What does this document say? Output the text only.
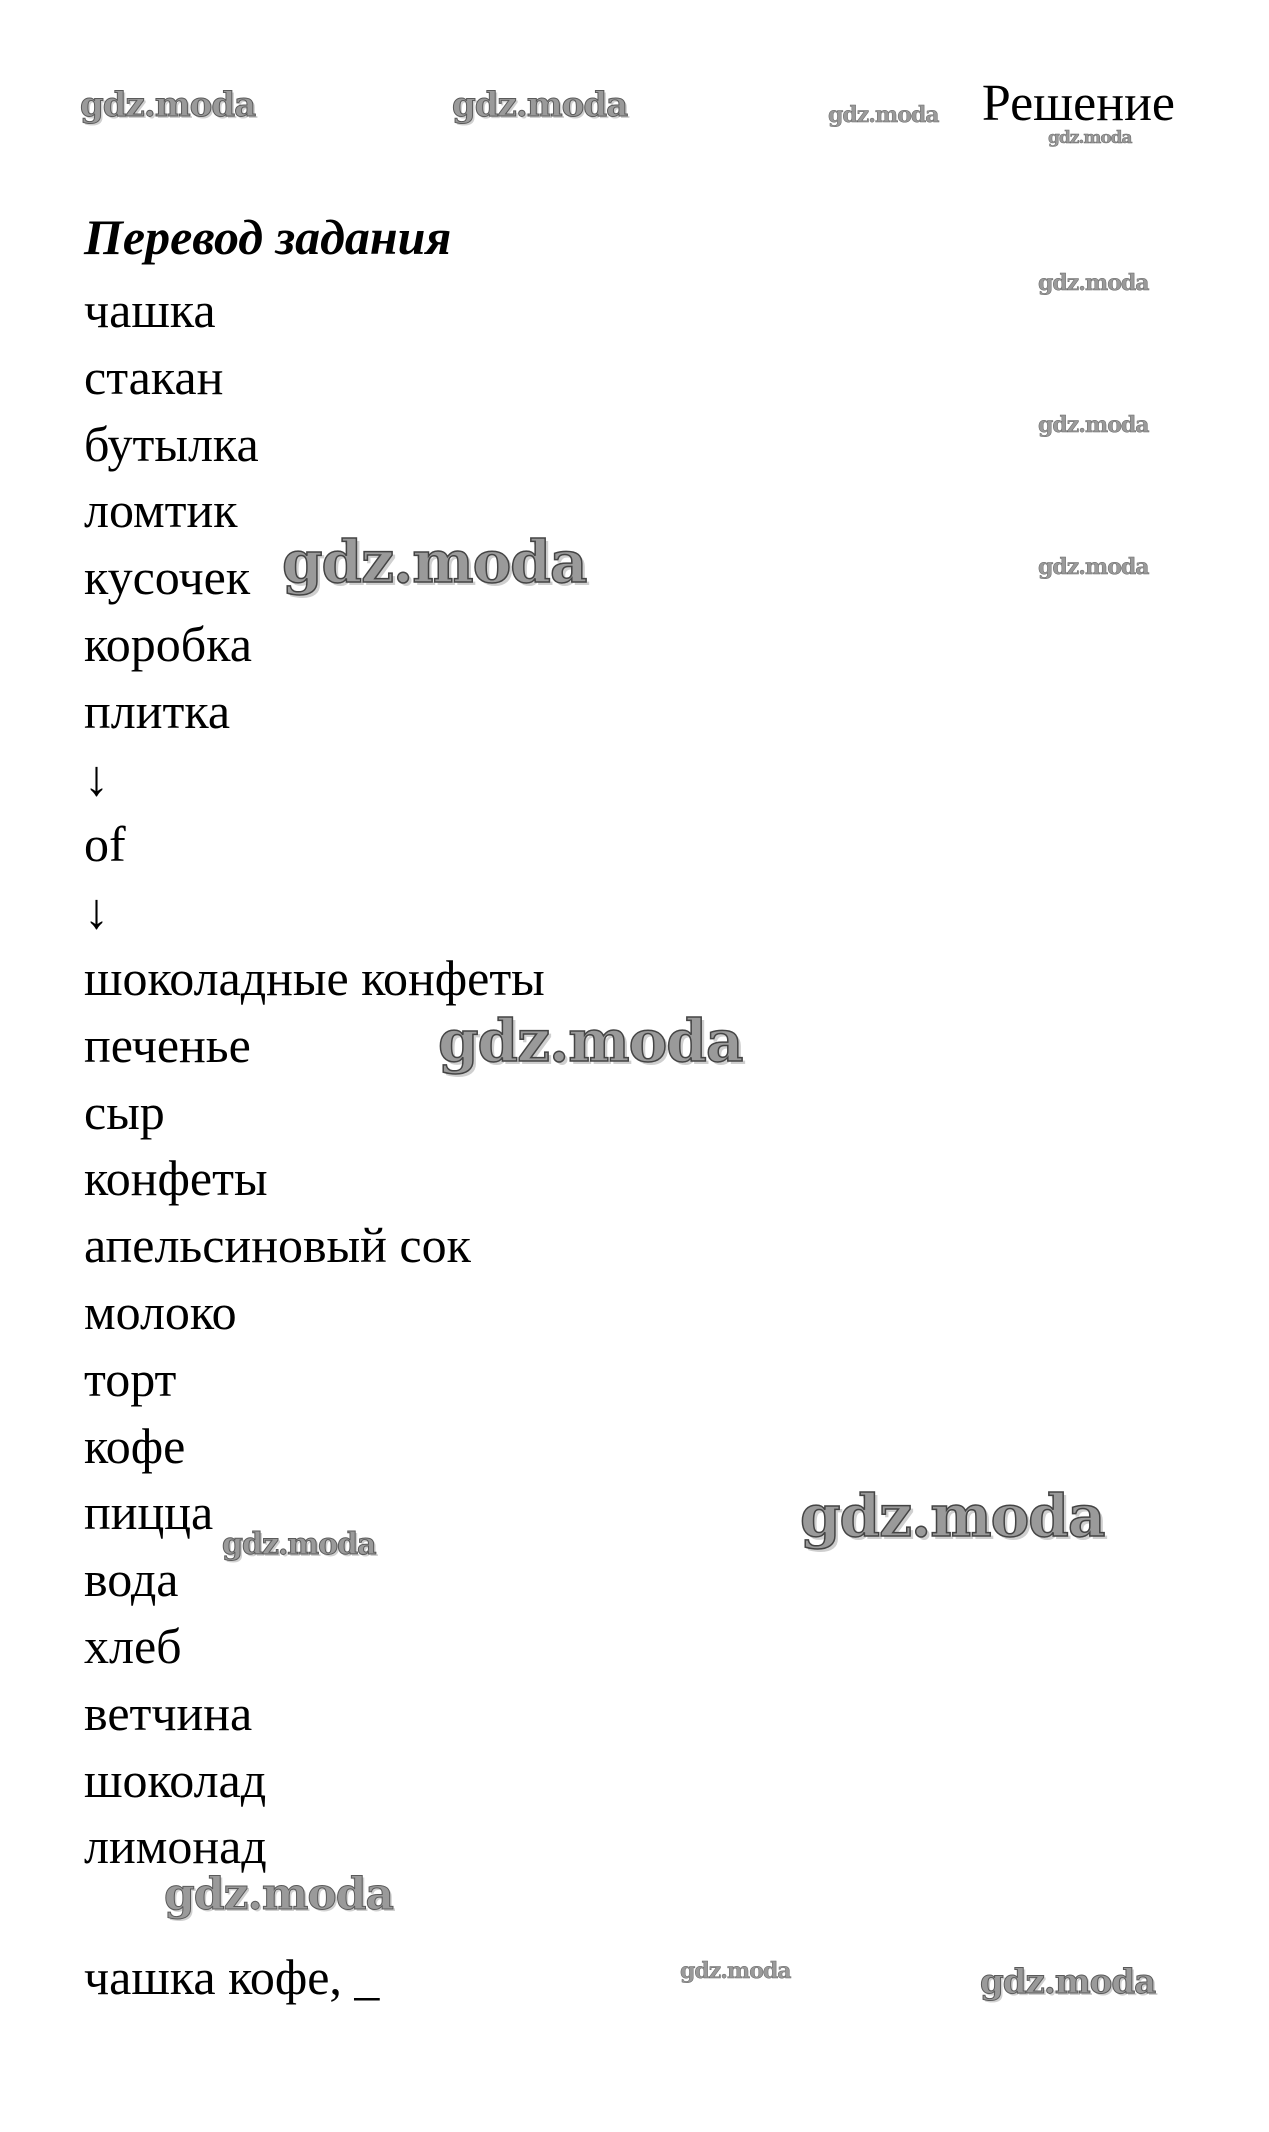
Решение
Перевод задания
чашка
стакан
бутылка
ломтик
кусочек
коробка
плитка
↓
of
↓
шоколадные конфеты
печенье
сыр
конфеты
апельсиновый сок
молоко
торт
кофе
пицца
вода
хлеб
ветчина
шоколад
лимонад
чашка кофе, _
gdz.moda	gdz.moda	gdz.moda
gdz.moda
gdz.moda
gdz.moda
gdz.moda
gdz.moda
gdz.moda
gdz.moda
gdz.moda
gdz.moda
gdz.moda	gdz.moda
